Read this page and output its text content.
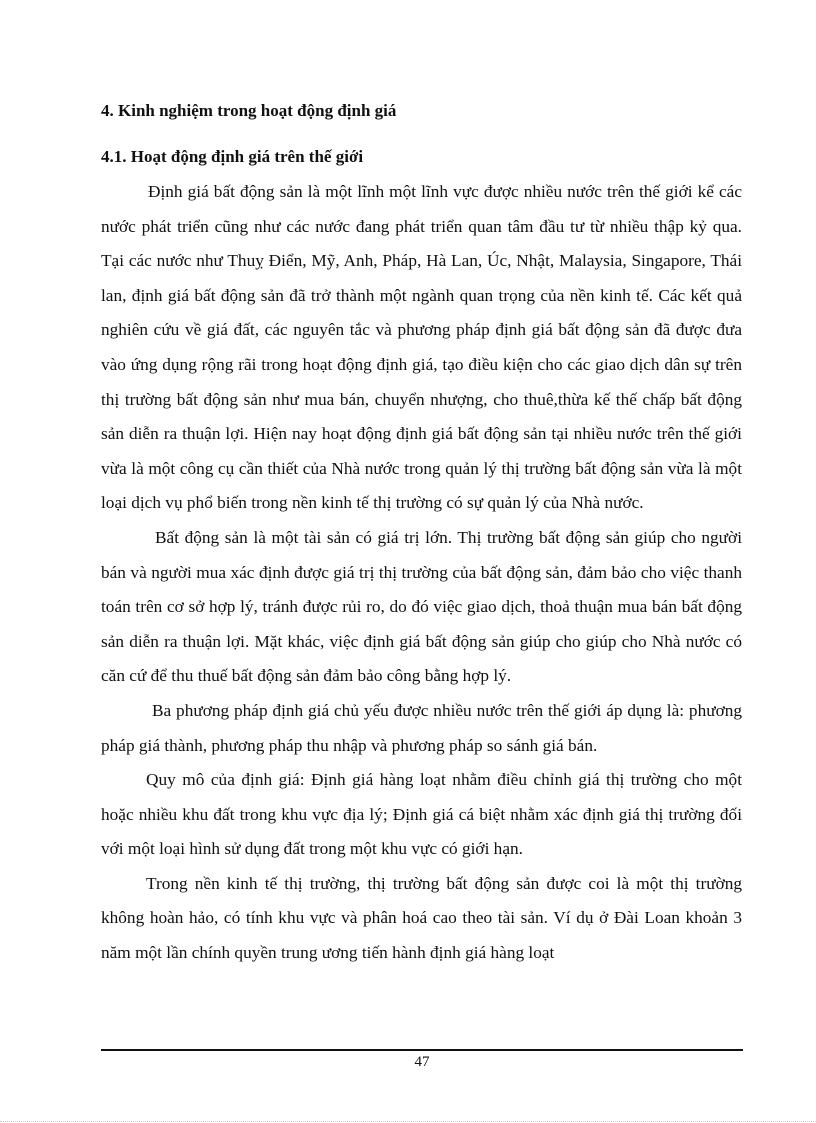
4. Kinh nghiệm trong hoạt động định giá

4.1. Hoạt động định giá trên thế giới

Định giá bất động sản là một lĩnh một lĩnh vực được nhiều nước trên thế giới kể các nước phát triển cũng như các nước đang phát triển quan tâm đầu tư từ nhiều thập kỷ qua. Tại các nước như Thuỵ Điển, Mỹ, Anh, Pháp, Hà Lan, Úc, Nhật, Malaysia, Singapore, Thái lan, định giá bất động sản đã trở thành một ngành quan trọng của nền kinh tế. Các kết quả nghiên cứu về giá đất, các nguyên tắc và phương pháp định giá bất động sản đã được đưa vào ứng dụng rộng rãi trong hoạt động định giá, tạo điều kiện cho các giao dịch dân sự trên thị trường bất động sản như mua bán, chuyển nhượng, cho thuê,thừa kế thế chấp bất động sản diễn ra thuận lợi. Hiện nay hoạt động định giá bất động sản tại nhiều nước trên thế giới vừa là một công cụ cần thiết của Nhà nước trong quản lý thị trường bất động sản vừa là một loại dịch vụ phổ biến trong nền kinh tế thị trường có sự quản lý của Nhà nước.

Bất động sản là một tài sản có giá trị lớn. Thị trường bất động sản giúp cho người bán và người mua xác định được giá trị thị trường của bất động sản, đảm bảo cho việc thanh toán trên cơ sở hợp lý, tránh được rủi ro, do đó việc giao dịch, thoả thuận mua bán bất động sản diễn ra thuận lợi. Mặt khác, việc định giá bất động sản giúp cho giúp cho Nhà nước có căn cứ để thu thuế bất động sản đảm bảo công bằng hợp lý.

Ba phương pháp định giá chủ yếu được nhiều nước trên thế giới áp dụng là: phương pháp giá thành, phương pháp thu nhập và phương pháp so sánh giá bán.

Quy mô của định giá: Định giá hàng loạt nhằm điều chỉnh giá thị trường cho một hoặc nhiều khu đất trong khu vực địa lý; Định giá cá biệt nhằm xác định giá thị trường đối với một loại hình sử dụng đất trong một khu vực có giới hạn.

Trong nền kinh tế thị trường, thị trường bất động sản được coi là một thị trường không hoàn hảo, có tính khu vực và phân hoá cao theo tài sản. Ví dụ ở Đài Loan khoản 3 năm một lần chính quyền trung ương tiến hành định giá hàng loạt

47
